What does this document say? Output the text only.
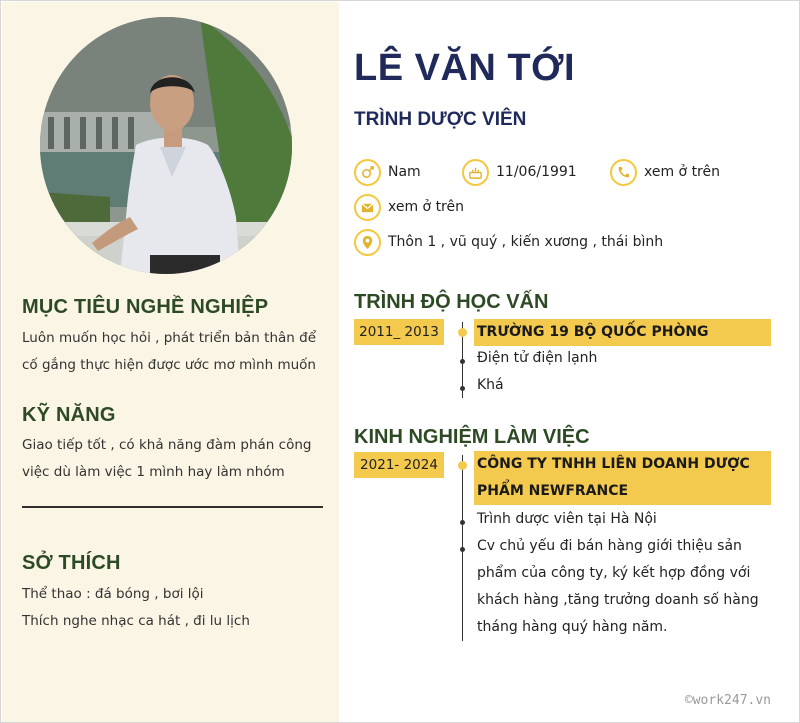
MỤC TIÊU NGHỀ NGHIỆP

Luôn muốn học hỏi , phát triển bản thân để cố gắng thực hiện được ước mơ mình muốn

KỸ NĂNG

Giao tiếp tốt , có khả năng đàm phán công việc dù làm việc 1 mình hay làm nhóm

SỞ THÍCH

Thể thao : đá bóng , bơi lội

Thích nghe nhạc ca hát , đi lu lịch

LÊ VĂN TỚI
TRÌNH DƯỢC VIÊN
Nam	11/06/1991	xem ở trên
xem ở trên
Thôn 1 , vũ quý , kiến xương , thái bình
TRÌNH ĐỘ HỌC VẤN
2011_ 2013	TRƯỜNG 19 BỘ QUỐC PHÒNG
Điện tử điện lạnh
Khá
KINH NGHIỆM LÀM VIỆC
2021- 2024	CÔNG TY TNHH LIÊN DOANH DƯỢC PHẨM NEWFRANCE
Trình dược viên tại Hà Nội
Cv chủ yếu đi bán hàng giới thiệu sản phẩm của công ty, ký kết hợp đồng với khách hàng ,tăng trưởng doanh số hàng tháng hàng quý hàng năm.
©work247.vn
